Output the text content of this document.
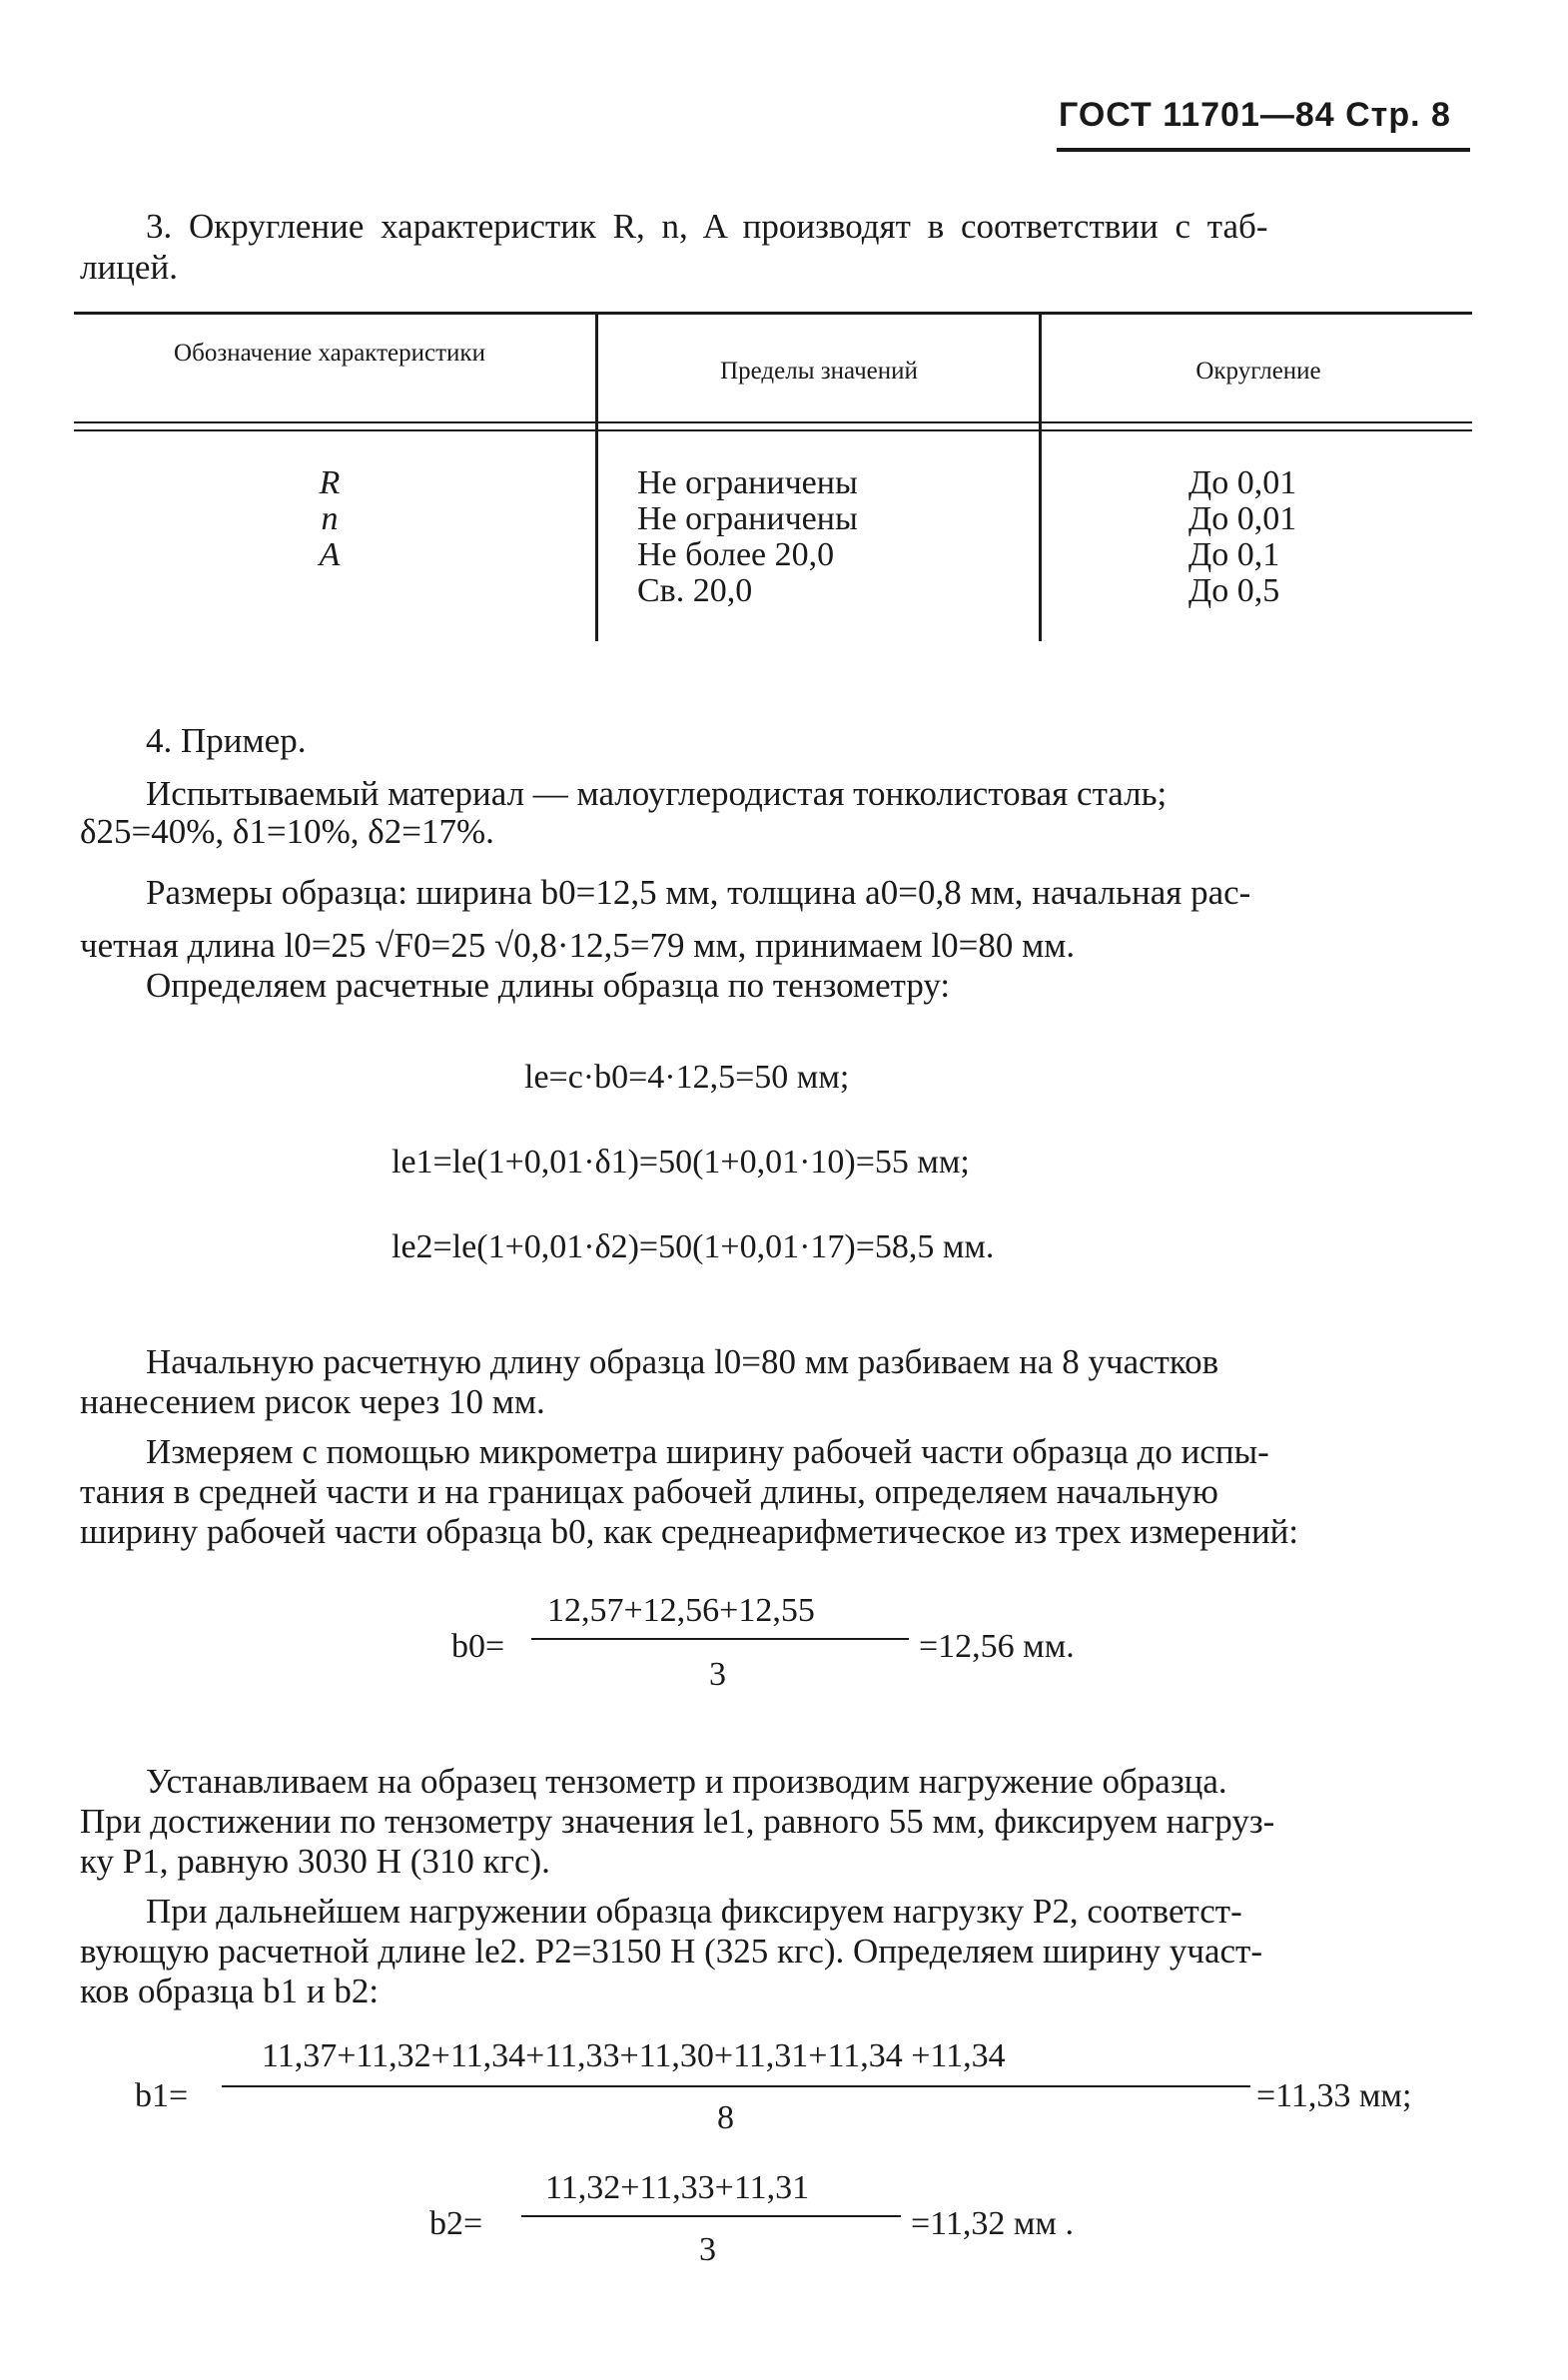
ГОСТ 11701—84 Стр. 8
3. Округление характеристик R, n, A производят в соответствии с таб-
лицей.
Обозначение характеристики
Пределы значений	Округление
R
n
A
Не ограничены
Не ограничены
Не более 20,0
Св. 20,0
До 0,01
До 0,01
До 0,1
До 0,5
4. Пример.
Испытываемый материал — малоуглеродистая тонколистовая сталь;
δ25=40%, δ1=10%, δ2=17%.
Размеры образца: ширина b0=12,5 мм, толщина a0=0,8 мм, начальная рас-
четная длина l0=25 √F0=25 √0,8·12,5=79 мм, принимаем l0=80 мм.
Определяем расчетные длины образца по тензометру:
le=c·b0=4·12,5=50 мм;
le1=le(1+0,01·δ1)=50(1+0,01·10)=55 мм;
le2=le(1+0,01·δ2)=50(1+0,01·17)=58,5 мм.
Начальную расчетную длину образца l0=80 мм разбиваем на 8 участков
нанесением рисок через 10 мм.
Измеряем с помощью микрометра ширину рабочей части образца до испы-
тания в средней части и на границах рабочей длины, определяем начальную
ширину рабочей части образца b0, как среднеарифметическое из трех измерений:
b0=
12,57+12,56+12,55
3
=12,56 мм.
Устанавливаем на образец тензометр и производим нагружение образца.
При достижении по тензометру значения le1, равного 55 мм, фиксируем нагруз-
ку P1, равную 3030 Н (310 кгс).
При дальнейшем нагружении образца фиксируем нагрузку P2, соответст-
вующую расчетной длине le2. P2=3150 Н (325 кгс). Определяем ширину участ-
ков образца b1 и b2:
b1=
11,37+11,32+11,34+11,33+11,30+11,31+11,34 +11,34
8
=11,33 мм;
b2=
11,32+11,33+11,31
3
=11,32 мм .
